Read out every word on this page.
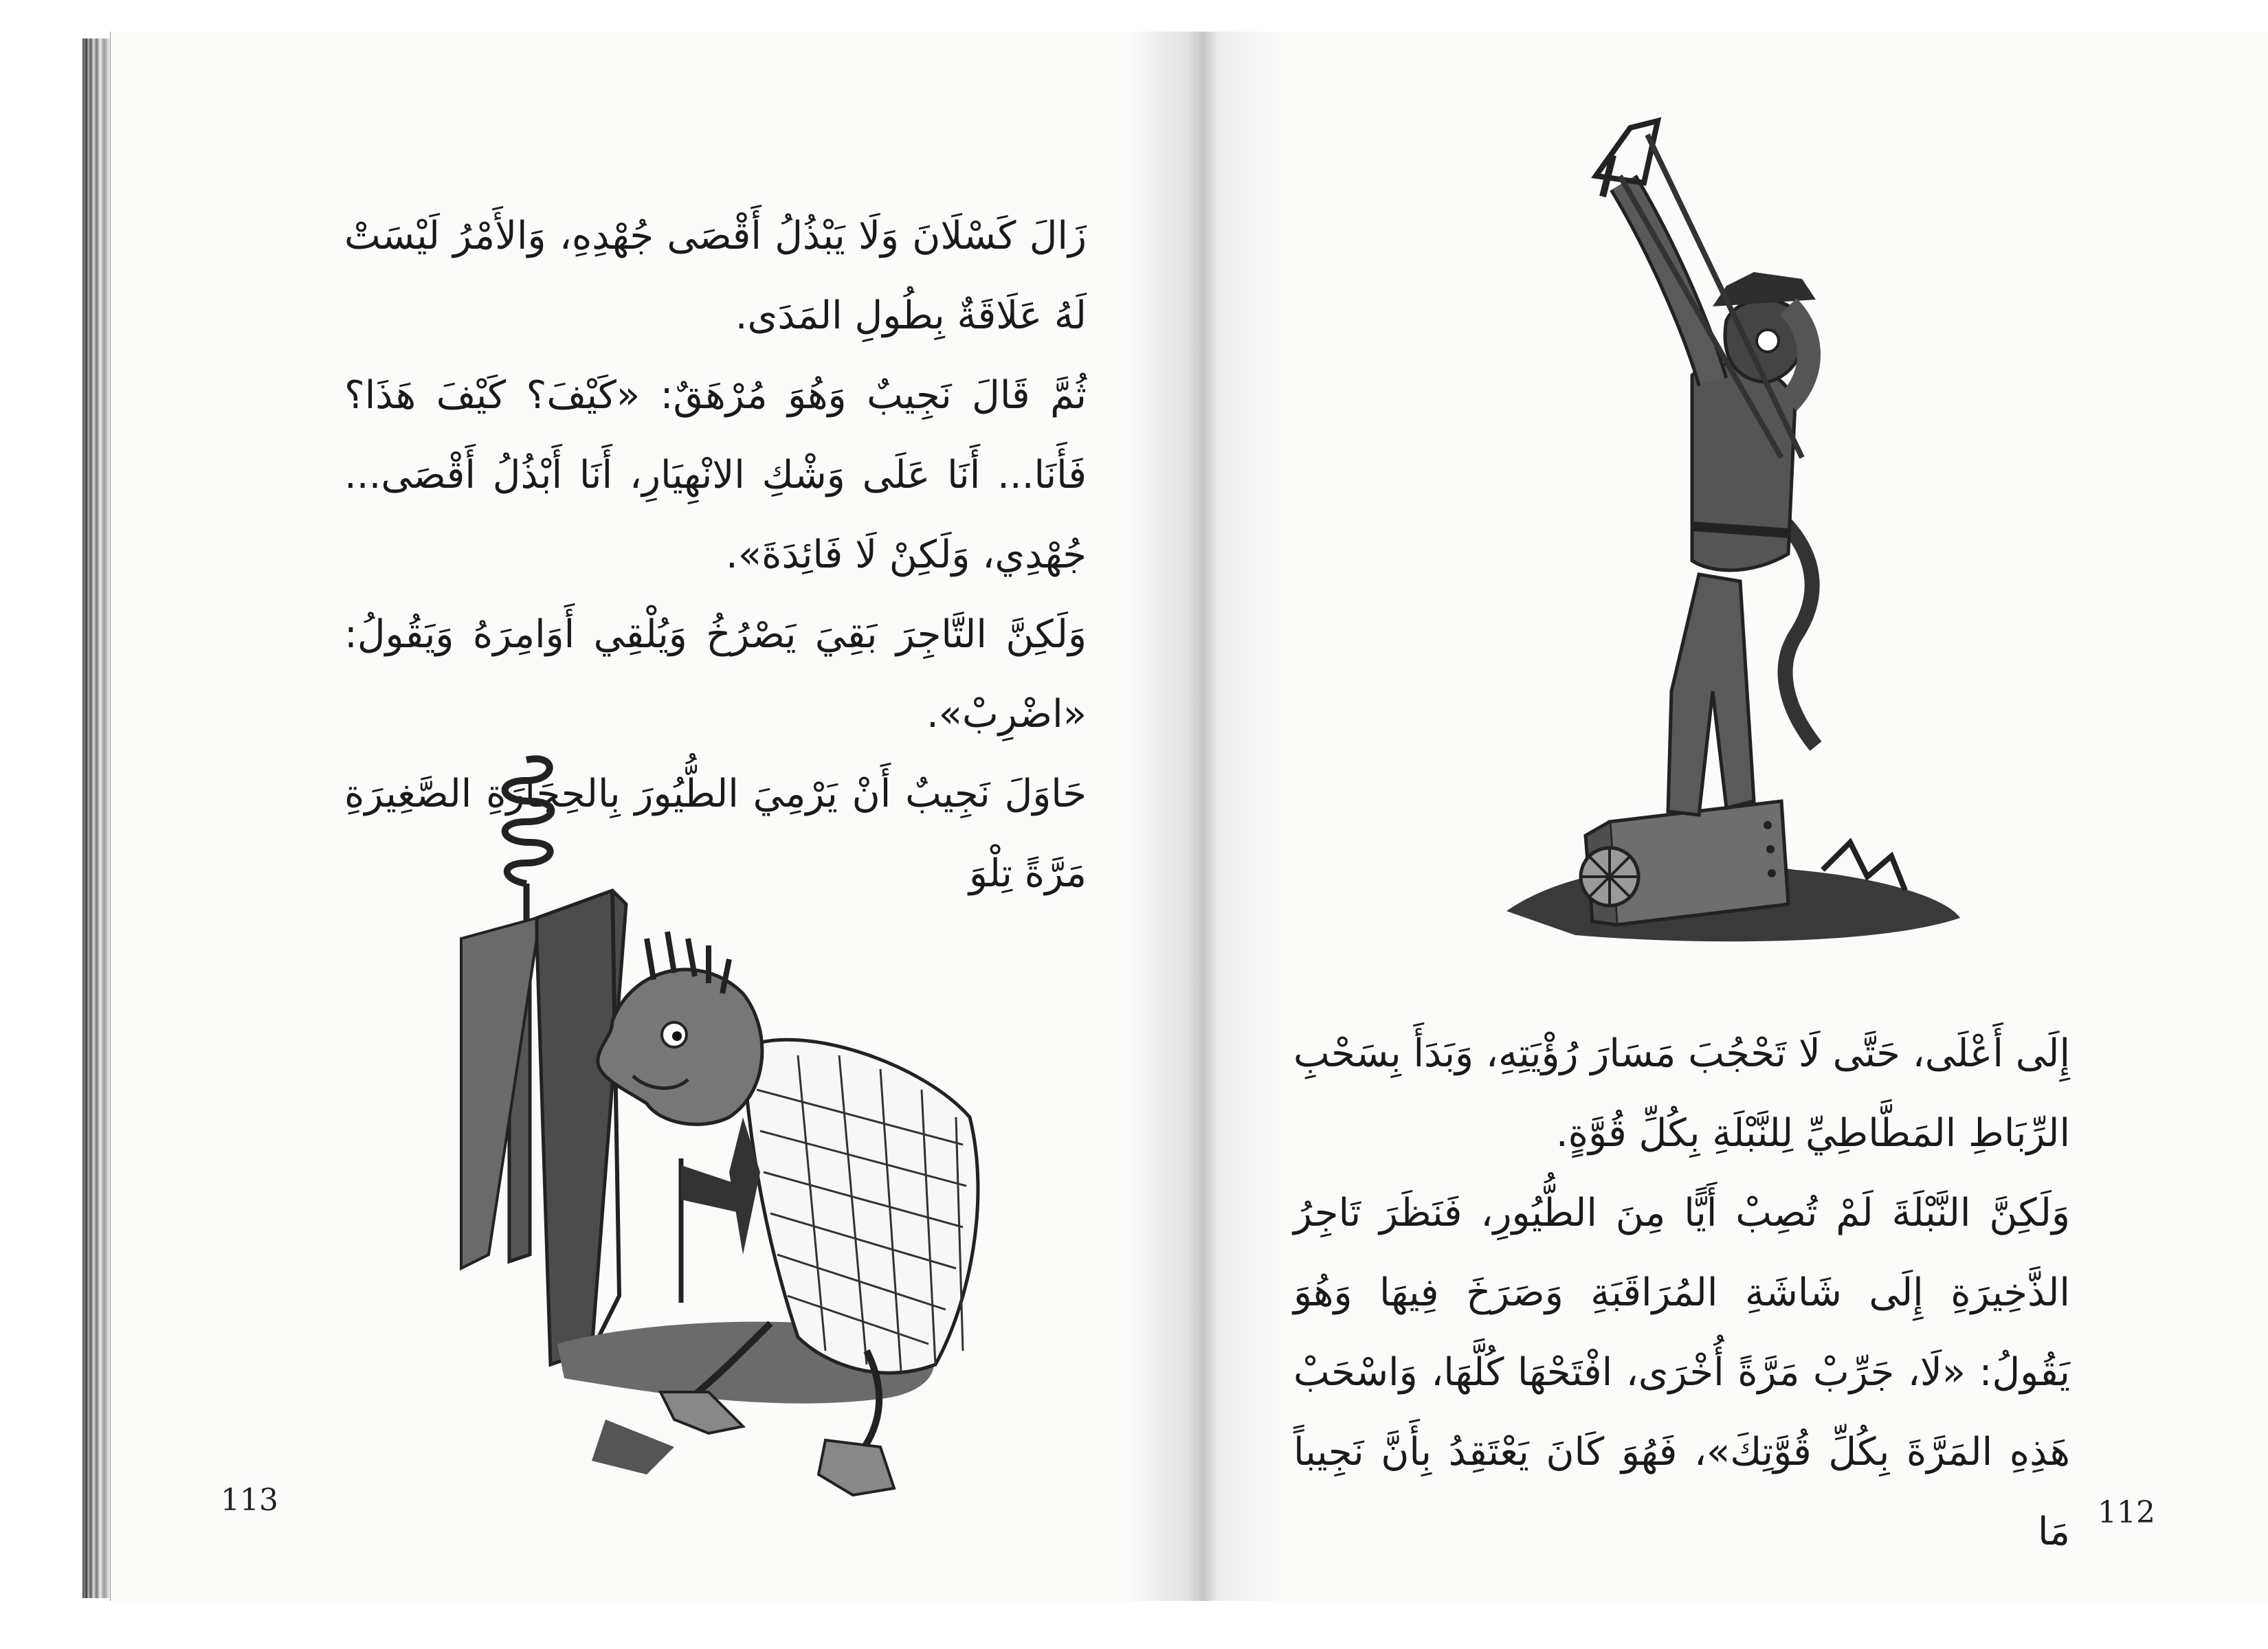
زَالَ كَسْلَانَ وَلَا يَبْذُلُ أَقْصَى جُهْدِهِ، وَالأَمْرُ لَيْسَتْ لَهُ عَلَاقَةٌ بِطُولِ المَدَى.

ثُمَّ قَالَ نَجِيبٌ وَهُوَ مُرْهَقٌ: «كَيْفَ؟ كَيْفَ هَذَا؟ فَأَنَا... أَنَا عَلَى وَشْكِ الانْهِيَارِ، أَنَا أَبْذُلُ أَقْصَى... جُهْدِي، وَلَكِنْ لَا فَائِدَةَ».

وَلَكِنَّ التَّاجِرَ بَقِيَ يَصْرُخُ وَيُلْقِي أَوَامِرَهُ وَيَقُولُ: «اضْرِبْ».

حَاوَلَ نَجِيبٌ أَنْ يَرْمِيَ الطُّيُورَ بِالحِجَارَةِ الصَّغِيرَةِ مَرَّةً تِلْوَ

113

إِلَى أَعْلَى، حَتَّى لَا تَحْجُبَ مَسَارَ رُؤْيَتِهِ، وَبَدَأَ بِسَحْبِ الرِّبَاطِ المَطَّاطِيِّ لِلنَّبْلَةِ بِكُلِّ قُوَّةٍ.

وَلَكِنَّ النَّبْلَةَ لَمْ تُصِبْ أَيًّا مِنَ الطُّيُورِ، فَنَظَرَ تَاجِرُ الذَّخِيرَةِ إِلَى شَاشَةِ المُرَاقَبَةِ وَصَرَخَ فِيهَا وَهُوَ يَقُولُ: «لَا، جَرِّبْ مَرَّةً أُخْرَى، افْتَحْهَا كُلَّهَا، وَاسْحَبْ هَذِهِ المَرَّةَ بِكُلِّ قُوَّتِكَ»، فَهُوَ كَانَ يَعْتَقِدُ بِأَنَّ نَجِيباً مَا 112
